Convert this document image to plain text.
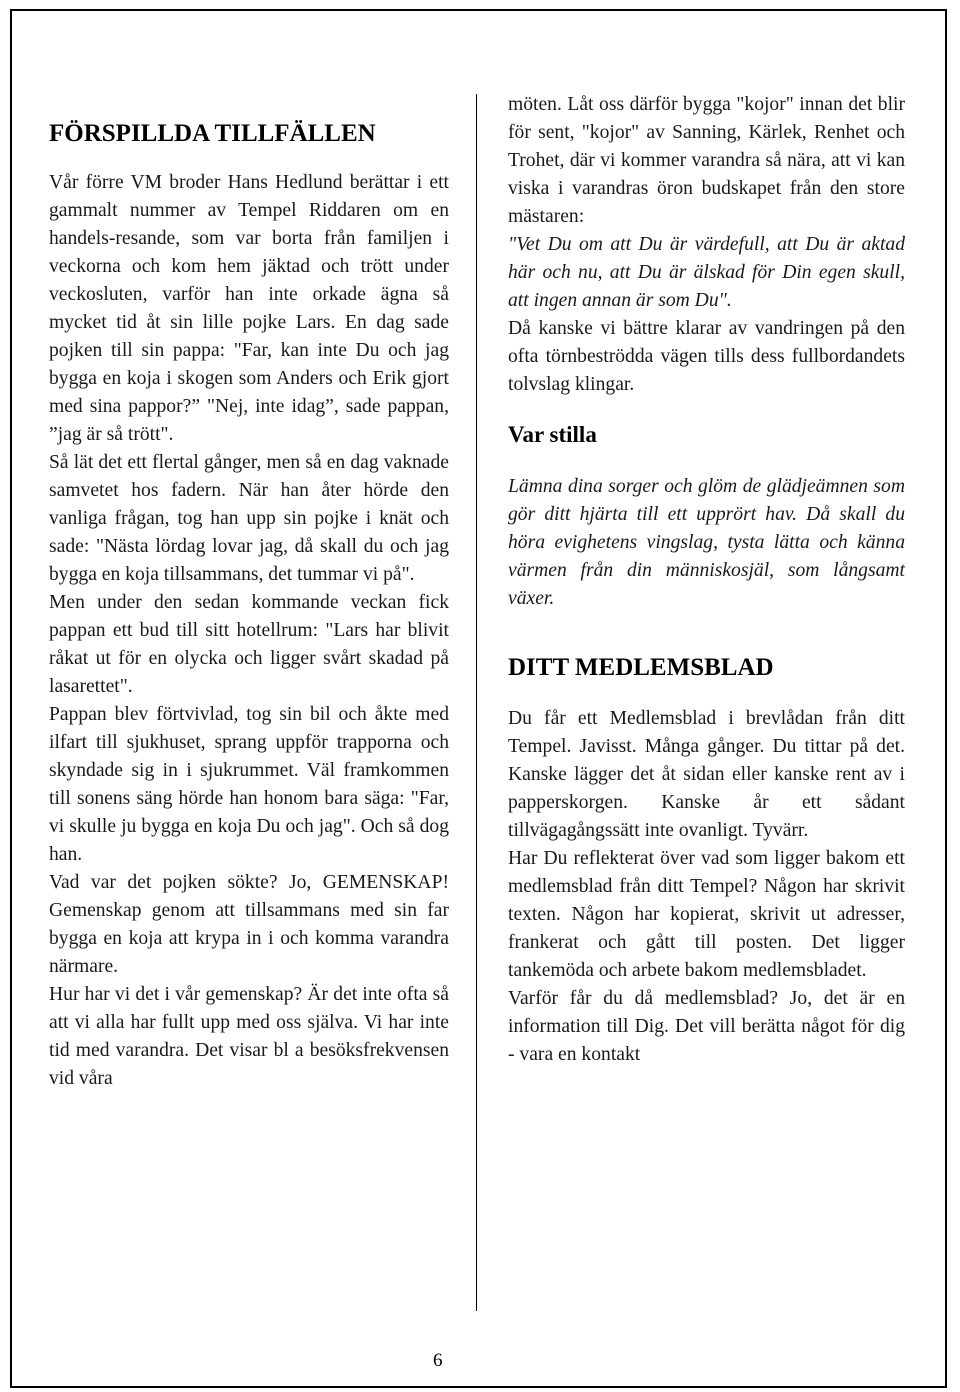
FÖRSPILLDA TILLFÄLLEN

Vår förre VM broder Hans Hedlund berättar i ett gammalt nummer av Tempel Riddaren om en handels-resande, som var borta från familjen i veckorna och kom hem jäktad och trött under veckosluten, varför han inte orkade ägna så mycket tid åt sin lille pojke Lars. En dag sade pojken till sin pappa: "Far, kan inte Du och jag bygga en koja i skogen som Anders och Erik gjort med sina pappor?” "Nej, inte idag”, sade pappan, ”jag är så trött".

Så lät det ett flertal gånger, men så en dag vaknade samvetet hos fadern. När han åter hörde den vanliga frågan, tog han upp sin pojke i knät och sade: "Nästa lördag lovar jag, då skall du och jag bygga en koja tillsammans, det tummar vi på".

Men under den sedan kommande veckan fick pappan ett bud till sitt hotellrum: "Lars har blivit råkat ut för en olycka och ligger svårt skadad på lasarettet".

Pappan blev förtvivlad, tog sin bil och åkte med ilfart till sjukhuset, sprang uppför trapporna och skyndade sig in i sjukrummet. Väl framkommen till sonens säng hörde han honom bara säga: "Far, vi skulle ju bygga en koja Du och jag". Och så dog han.

Vad var det pojken sökte? Jo, GEMENSKAP! Gemenskap genom att tillsammans med sin far bygga en koja att krypa in i och komma varandra närmare.

Hur har vi det i vår gemenskap? Är det inte ofta så att vi alla har fullt upp med oss själva. Vi har inte tid med varandra. Det visar bl a besöksfrekvensen vid våra

möten. Låt oss därför bygga "kojor" innan det blir för sent, "kojor" av Sanning, Kärlek, Renhet och Trohet, där vi kommer varandra så nära, att vi kan viska i varandras öron budskapet från den store mästaren:

"Vet Du om att Du är värdefull, att Du är aktad här och nu, att Du är älskad för Din egen skull, att ingen annan är som Du".

Då kanske vi bättre klarar av vandringen på den ofta törnbeströdda vägen tills dess fullbordandets tolvslag klingar.

Var stilla

Lämna dina sorger och glöm de glädjeämnen som gör ditt hjärta till ett upprört hav. Då skall du höra evighetens vingslag, tysta lätta och känna värmen från din människosjäl, som långsamt växer.

DITT MEDLEMSBLAD

Du får ett Medlemsblad i brevlådan från ditt Tempel. Javisst. Många gånger. Du tittar på det. Kanske lägger det åt sidan eller kanske rent av i papperskorgen. Kanske år ett sådant tillvägagångssätt inte ovanligt. Tyvärr.

Har Du reflekterat över vad som ligger bakom ett medlemsblad från ditt Tempel? Någon har skrivit texten. Någon har kopierat, skrivit ut adresser, frankerat och gått till posten. Det ligger tankemöda och arbete bakom medlemsbladet.

Varför får du då medlemsblad? Jo, det är en information till Dig. Det vill berätta något för dig - vara en kontakt

6
